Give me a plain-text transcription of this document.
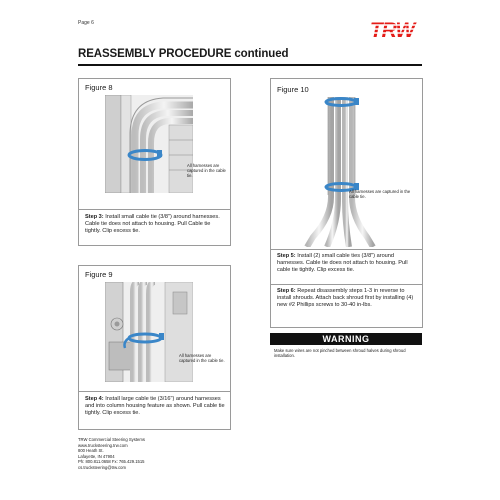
Page 6	TRW
REASSEMBLY PROCEDURE continued
Figure 8
All harnesses are captured in the cable tie.
Step 3: Install small cable tie (3/8") around harnesses. Cable tie does not attach to housing. Pull Cable tie tightly. Clip excess tie.
Figure 9
All harnesses are captured in the cable tie.
Step 4: Install large cable tie (3/16") around harnesses and into column housing feature as shown. Pull cable tie tightly. Clip excess tie.
Figure 10
All harnesses are captured in the cable tie.
Step 5: Install (2) small cable ties (3/8") around harnesses. Cable tie does not attach to housing. Pull cable tie tightly. Clip excess tie.
Step 6: Repeat disassembly steps 1-3 in reverse to install shrouds. Attach back shroud first by installing (4) new #2 Phillips screws to 30-40 in-lbs.
WARNING
Make sure wires are not pinched between shroud halves during shroud installation.
TRW Commercial Steering Systems
www.trucksteering.trw.com
800 Heath St.
Lafayette, IN 47904
Ph: 800.811.0658 Fx: 765.429.1515
cs.trucksteering@trw.com
